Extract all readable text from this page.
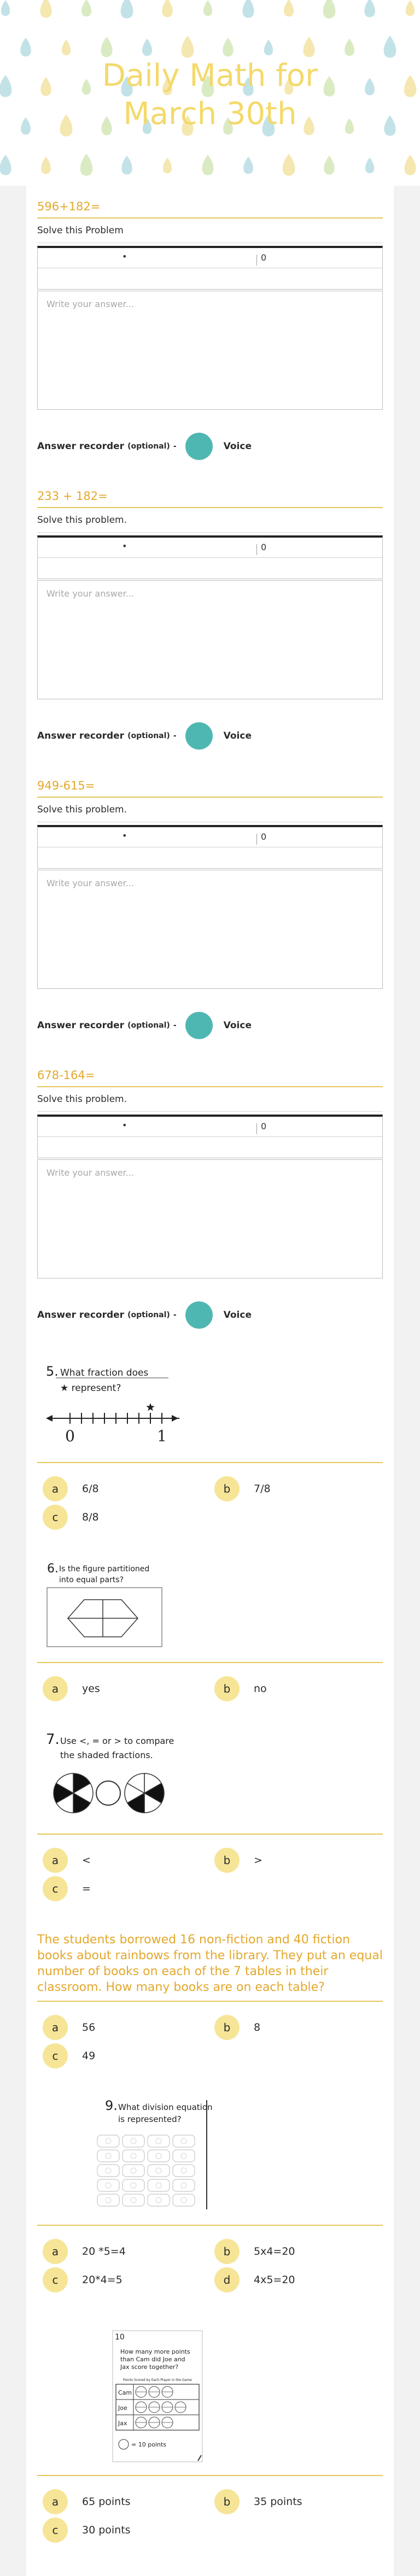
Daily Math for
March 30th
596+182=
Solve this Problem
•	0
Write your answer...
Answer recorder (optional) -	Voice
233 + 182=
Solve this problem.
•	0
Write your answer...
Answer recorder (optional) -	Voice
949-615=
Solve this problem.
•	0
Write your answer...
Answer recorder (optional) -	Voice
678-164=
Solve this problem.
•	0
Write your answer...
Answer recorder (optional) -	Voice
5. What fraction does
★ represent?
0	1
a	6/8	b	7/8
c	8/8
6. Is the figure partitioned
into equal parts?
a	yes	b	no
7. Use <, = or > to compare
the shaded fractions.
a	<	b	>
c	=
The students borrowed 16 non-fiction and 40 fiction books about rainbows from the library. They put an equal number of books on each of the 7 tables in their classroom. How many books are on each table?
a	56	b	8
c	49
9. What division equation
is represented?
a	20 *5=4	b	5x4=20
c	20*4=5	d	4x5=20
10
How many more points
than Cam did Joe and
Jax score together?
Points Scored by Each Player in the Game
Cam
Joe
Jax
= 10 points
a	65 points	b	35 points
c	30 points
